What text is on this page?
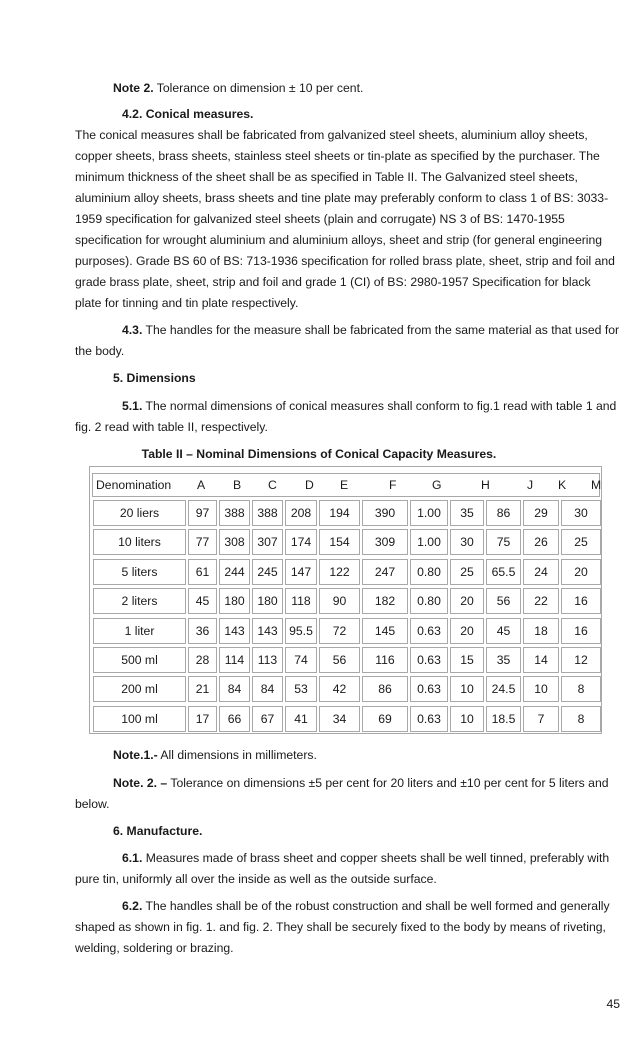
Note 2. Tolerance on dimension ± 10 per cent.

4.2. Conical measures.

The conical measures shall be fabricated from galvanized steel sheets, aluminium alloy sheets, copper sheets, brass sheets, stainless steel sheets or tin-plate as specified by the purchaser. The minimum thickness of the sheet shall be as specified in Table II. The Galvanized steel sheets, aluminium alloy sheets, brass sheets and tine plate may preferably conform to class 1 of BS: 3033-1959 specification for galvanized steel sheets (plain and corrugate) NS 3 of BS: 1470-1955 specification for wrought aluminium and aluminium alloys, sheet and strip (for general engineering purposes). Grade BS 60 of BS: 713-1936 specification for rolled brass plate, sheet, strip and foil and grade brass plate, sheet, strip and foil and grade 1 (CI) of BS: 2980-1957 Specification for black plate for tinning and tin plate respectively.

4.3. The handles for the measure shall be fabricated from the same material as that used for the body.

5. Dimensions

5.1. The normal dimensions of conical measures shall conform to fig.1 read with table 1 and fig. 2 read with table II, respectively.

Table II – Nominal Dimensions of Conical Capacity Measures.
Denomination A B C D E	F	G	H	J K M
20 liers	97	388	388	208	194	390	1.00	35	86	29	30
10 liters	77	308	307	174	154	309	1.00	30	75	26	25
5 liters	61	244	245	147	122	247	0.80	25	65.5	24	20
2 liters	45	180	180	118	90	182	0.80	20	56	22	16
1 liter	36	143	143 95.5	72	145	0.63	20	45	18	16
500 ml	28	114	113	74	56	116	0.63	15	35	14	12
200 ml	21	84	84	53	42	86	0.63	10	24.5	10	8
100 ml	17	66	67	41	34	69	0.63	10	18.5	7	8

Note.1.- All dimensions in millimeters.

Note. 2. – Tolerance on dimensions ±5 per cent for 20 liters and ±10 per cent for 5 liters and below.

6. Manufacture.

6.1. Measures made of brass sheet and copper sheets shall be well tinned, preferably with pure tin, uniformly all over the inside as well as the outside surface.

6.2. The handles shall be of the robust construction and shall be well formed and generally shaped as shown in fig. 1. and fig. 2. They shall be securely fixed to the body by means of riveting, welding, soldering or brazing.

45
